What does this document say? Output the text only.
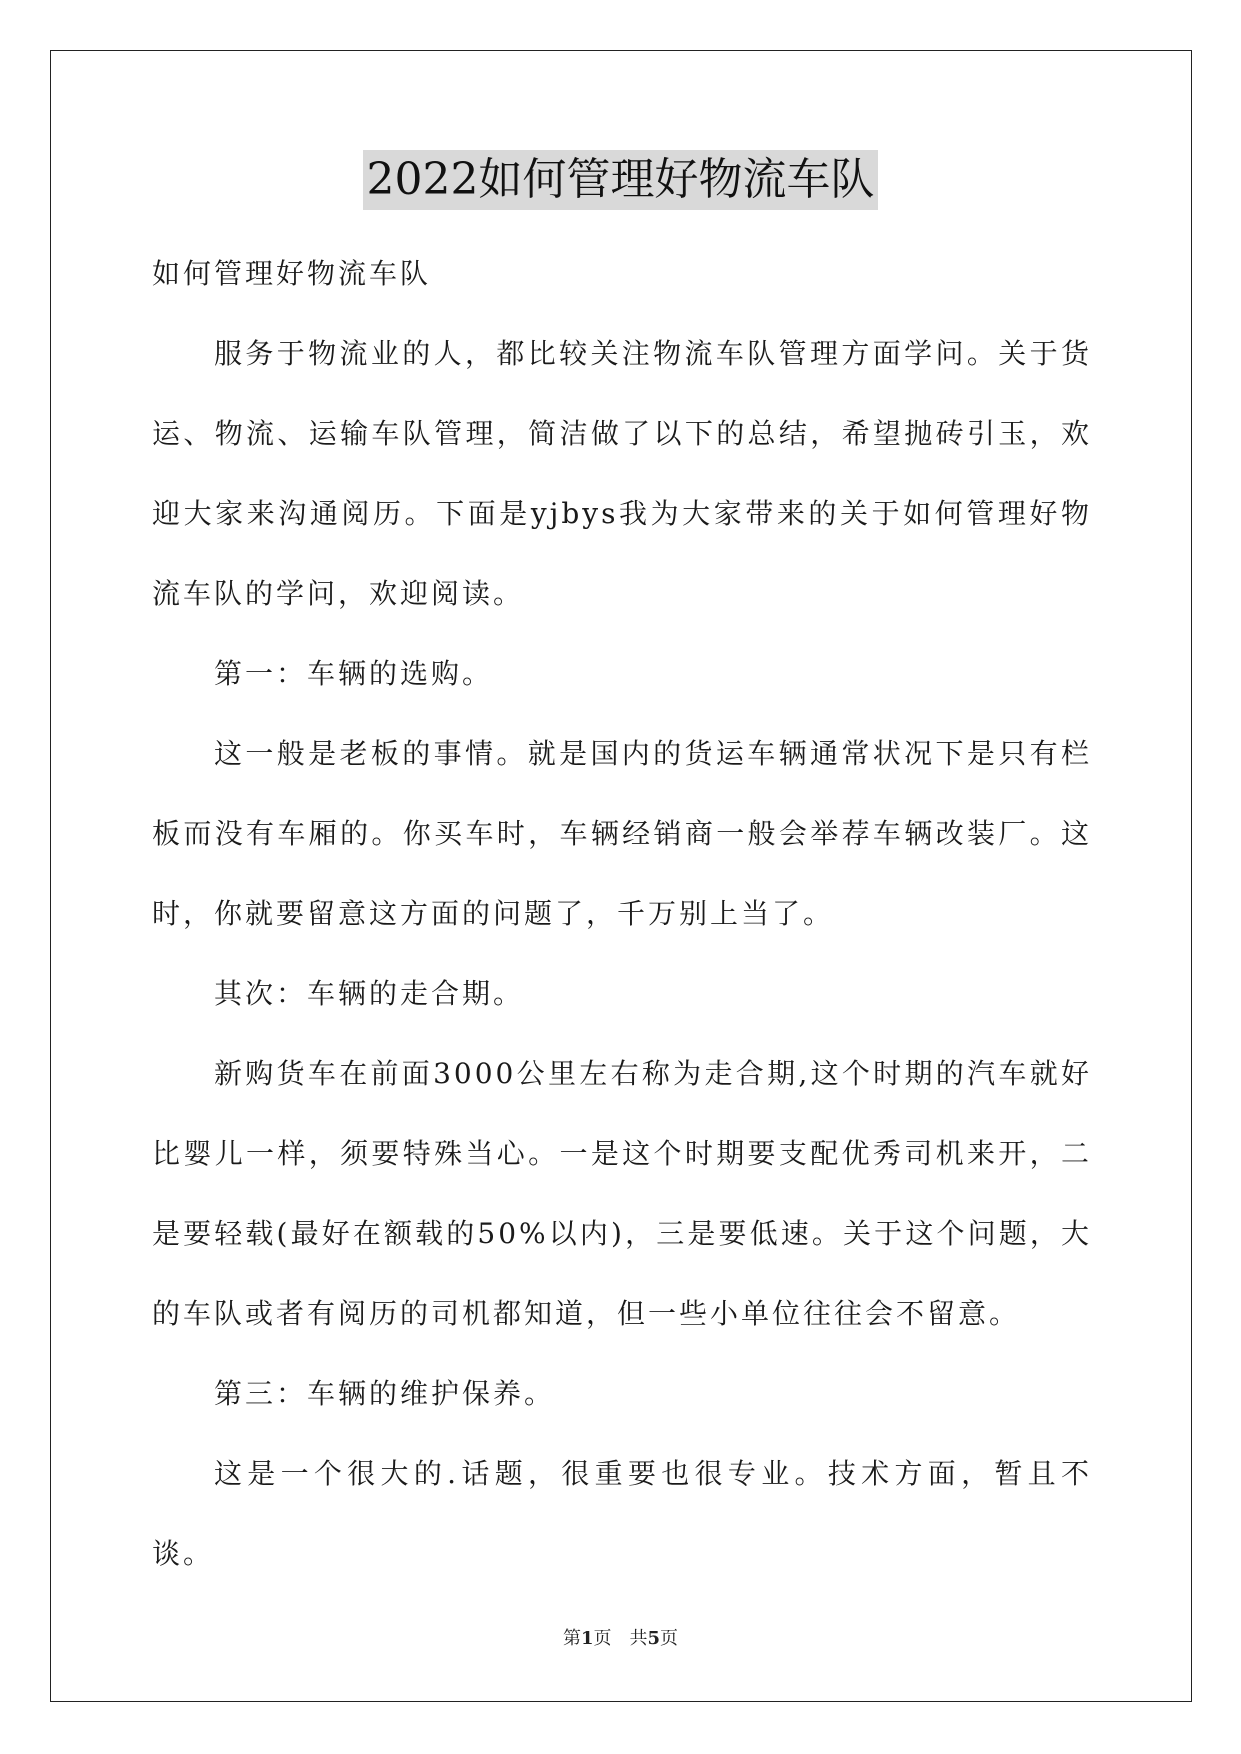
2022如何管理好物流车队

如何管理好物流车队

服务于物流业的人，都比较关注物流车队管理方面学问。关于货运、物流、运输车队管理，简洁做了以下的总结，希望抛砖引玉，欢迎大家来沟通阅历。下面是yjbys我为大家带来的关于如何管理好物流车队的学问，欢迎阅读。

第一：车辆的选购。

这一般是老板的事情。就是国内的货运车辆通常状况下是只有栏板而没有车厢的。你买车时，车辆经销商一般会举荐车辆改装厂。这时，你就要留意这方面的问题了，千万别上当了。

其次：车辆的走合期。

新购货车在前面3000公里左右称为走合期,这个时期的汽车就好比婴儿一样，须要特殊当心。一是这个时期要支配优秀司机来开，二是要轻载(最好在额载的50%以内)，三是要低速。关于这个问题，大的车队或者有阅历的司机都知道，但一些小单位往往会不留意。

第三：车辆的维护保养。

这是一个很大的.话题，很重要也很专业。技术方面，暂且不谈。

第1页　共5页
